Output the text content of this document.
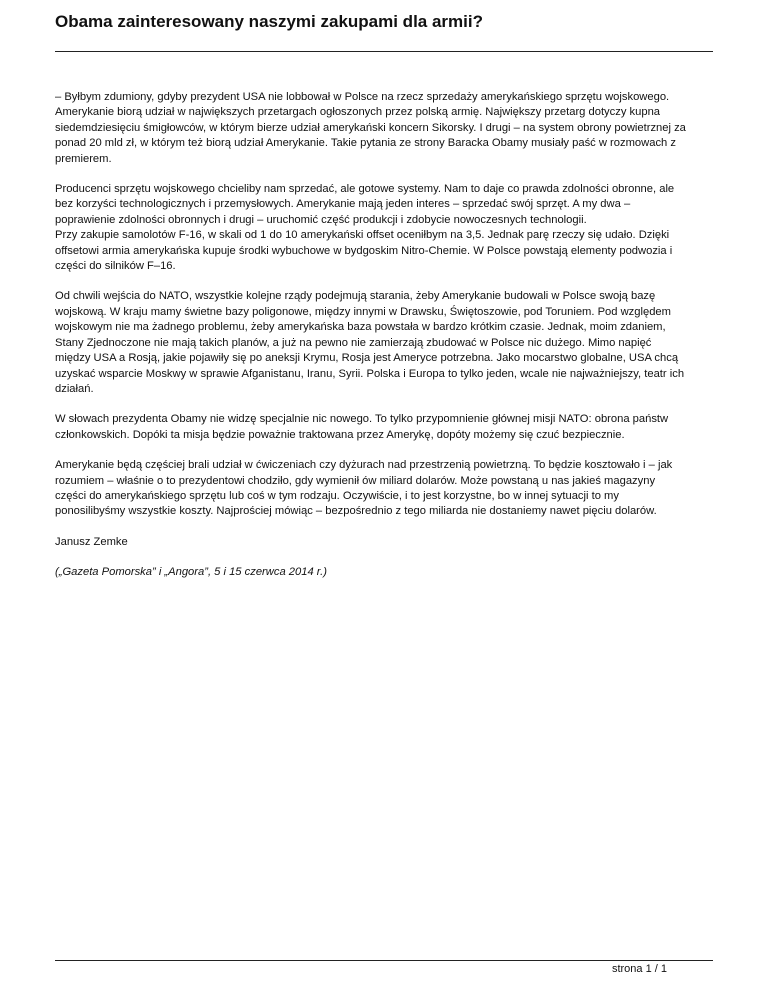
Obama zainteresowany naszymi zakupami dla armii?

– Byłbym zdumiony, gdyby prezydent USA nie lobbował w Polsce na rzecz sprzedaży amerykańskiego sprzętu wojskowego.
Amerykanie biorą udział w największych przetargach ogłoszonych przez polską armię. Największy przetarg dotyczy kupna
siedemdziesięciu śmigłowców, w którym bierze udział amerykański koncern Sikorsky. I drugi – na system obrony powietrznej za
ponad 20 mld zł, w którym też biorą udział Amerykanie. Takie pytania ze strony Baracka Obamy musiały paść w rozmowach z
premierem.

Producenci sprzętu wojskowego chcieliby nam sprzedać, ale gotowe systemy. Nam to daje co prawda zdolności obronne, ale
bez korzyści technologicznych i przemysłowych. Amerykanie mają jeden interes – sprzedać swój sprzęt. A my dwa –
poprawienie zdolności obronnych i drugi – uruchomić część produkcji i zdobycie nowoczesnych technologii.
Przy zakupie samolotów F-16, w skali od 1 do 10 amerykański offset oceniłbym na 3,5. Jednak parę rzeczy się udało. Dzięki
offsetowi armia amerykańska kupuje środki wybuchowe w bydgoskim Nitro-Chemie. W Polsce powstają elementy podwozia i
części do silników F–16.

Od chwili wejścia do NATO, wszystkie kolejne rządy podejmują starania, żeby Amerykanie budowali w Polsce swoją bazę
wojskową. W kraju mamy świetne bazy poligonowe, między innymi w Drawsku, Świętoszowie, pod Toruniem. Pod względem
wojskowym nie ma żadnego problemu, żeby amerykańska baza powstała w bardzo krótkim czasie. Jednak, moim zdaniem,
Stany Zjednoczone nie mają takich planów, a już na pewno nie zamierzają zbudować w Polsce nic dużego. Mimo napięć
między USA a Rosją, jakie pojawiły się po aneksji Krymu, Rosja jest Ameryce potrzebna. Jako mocarstwo globalne, USA chcą
uzyskać wsparcie Moskwy w sprawie Afganistanu, Iranu, Syrii. Polska i Europa to tylko jeden, wcale nie najważniejszy, teatr ich
działań.

W słowach prezydenta Obamy nie widzę specjalnie nic nowego. To tylko przypomnienie głównej misji NATO: obrona państw
członkowskich. Dopóki ta misja będzie poważnie traktowana przez Amerykę, dopóty możemy się czuć bezpiecznie.

Amerykanie będą częściej brali udział w ćwiczeniach czy dyżurach nad przestrzenią powietrzną. To będzie kosztowało i – jak
rozumiem – właśnie o to prezydentowi chodziło, gdy wymienił ów miliard dolarów. Może powstaną u nas jakieś magazyny
części do amerykańskiego sprzętu lub coś w tym rodzaju. Oczywiście, i to jest korzystne, bo w innej sytuacji to my
ponosilibyśmy wszystkie koszty. Najprościej mówiąc – bezpośrednio z tego miliarda nie dostaniemy nawet pięciu dolarów.

Janusz Zemke

(„Gazeta Pomorska” i „Angora”, 5 i 15 czerwca 2014 r.)

strona 1 / 1
